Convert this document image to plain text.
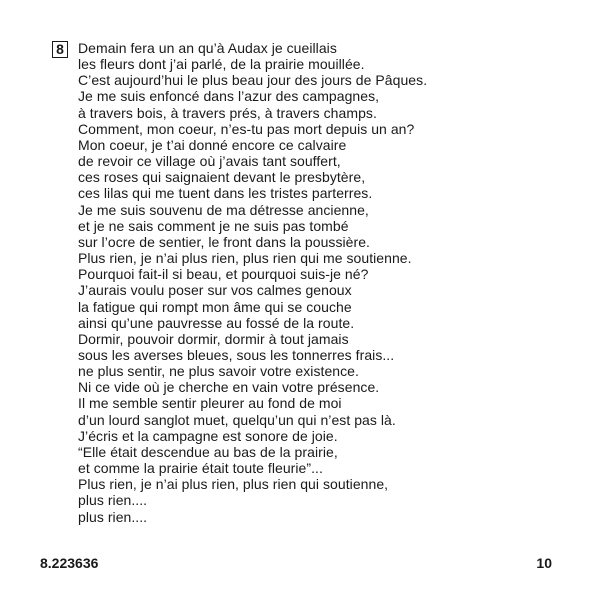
8 Demain fera un an qu’à Audax je cueillais
les fleurs dont j’ai parlé, de la prairie mouillée.
C’est aujourd’hui le plus beau jour des jours de Pâques.
Je me suis enfoncé dans l’azur des campagnes,
à travers bois, à travers prés, à travers champs.
Comment, mon coeur, n’es-tu pas mort depuis un an?
Mon coeur, je t’ai donné encore ce calvaire
de revoir ce village où j’avais tant souffert,
ces roses qui saignaient devant le presbytère,
ces lilas qui me tuent dans les tristes parterres.
Je me suis souvenu de ma détresse ancienne,
et je ne sais comment je ne suis pas tombé
sur l’ocre de sentier, le front dans la poussière.
Plus rien, je n’ai plus rien, plus rien qui me soutienne.
Pourquoi fait-il si beau, et pourquoi suis-je né?
J’aurais voulu poser sur vos calmes genoux
la fatigue qui rompt mon âme qui se couche
ainsi qu’une pauvresse au fossé de la route.
Dormir, pouvoir dormir, dormir à tout jamais
sous les averses bleues, sous les tonnerres frais...
ne plus sentir, ne plus savoir votre existence.
Ni ce vide où je cherche en vain votre présence.
Il me semble sentir pleurer au fond de moi
d’un lourd sanglot muet, quelqu’un qui n’est pas là.
J’écris et la campagne est sonore de joie.
“Elle était descendue au bas de la prairie,
et comme la prairie était toute fleurie”...
Plus rien, je n’ai plus rien, plus rien qui soutienne,
plus rien....
plus rien....
8.223636	10
